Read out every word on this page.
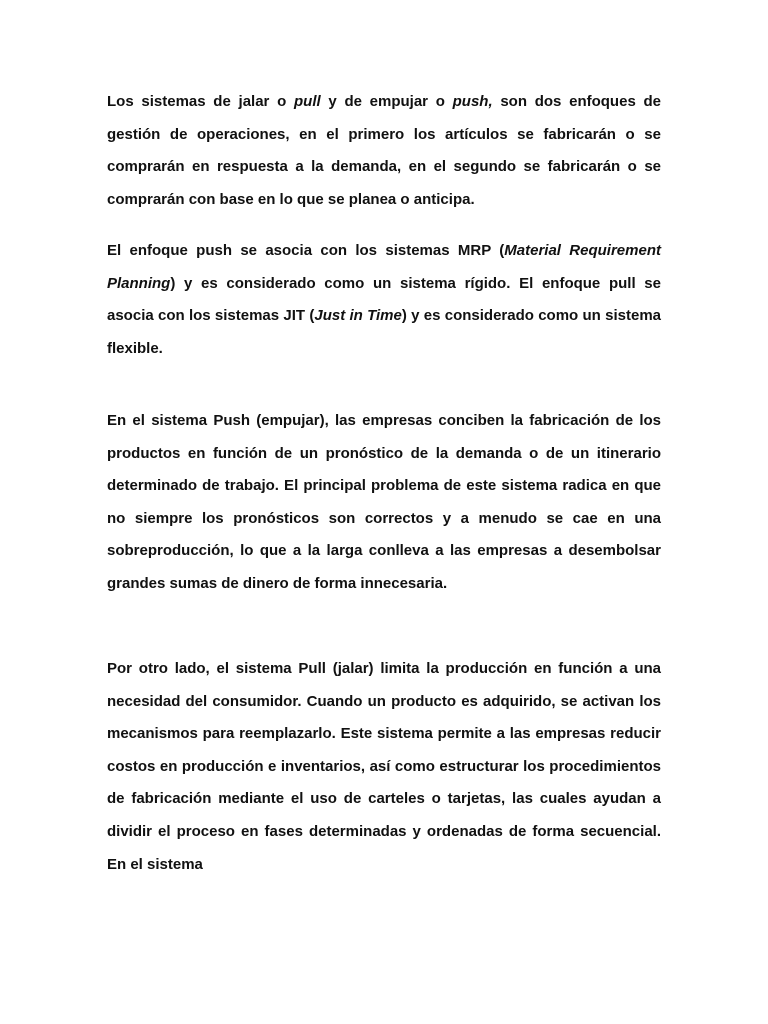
Los sistemas de jalar o pull y de empujar o push, son dos enfoques de gestión de operaciones, en el primero los artículos se fabricarán o se comprarán en respuesta a la demanda, en el segundo se fabricarán o se comprarán con base en lo que se planea o anticipa.

El enfoque push se asocia con los sistemas MRP (Material Requirement Planning) y es considerado como un sistema rígido. El enfoque pull se asocia con los sistemas JIT (Just in Time) y es considerado como un sistema flexible.

En el sistema Push (empujar), las empresas conciben la fabricación de los productos en función de un pronóstico de la demanda o de un itinerario determinado de trabajo. El principal problema de este sistema radica en que no siempre los pronósticos son correctos y a menudo se cae en una sobreproducción, lo que a la larga conlleva a las empresas a desembolsar grandes sumas de dinero de forma innecesaria.

Por otro lado, el sistema Pull (jalar) limita la producción en función a una necesidad del consumidor. Cuando un producto es adquirido, se activan los mecanismos para reemplazarlo. Este sistema permite a las empresas reducir costos en producción e inventarios, así como estructurar los procedimientos de fabricación mediante el uso de carteles o tarjetas, las cuales ayudan a dividir el proceso en fases determinadas y ordenadas de forma secuencial. En el sistema
